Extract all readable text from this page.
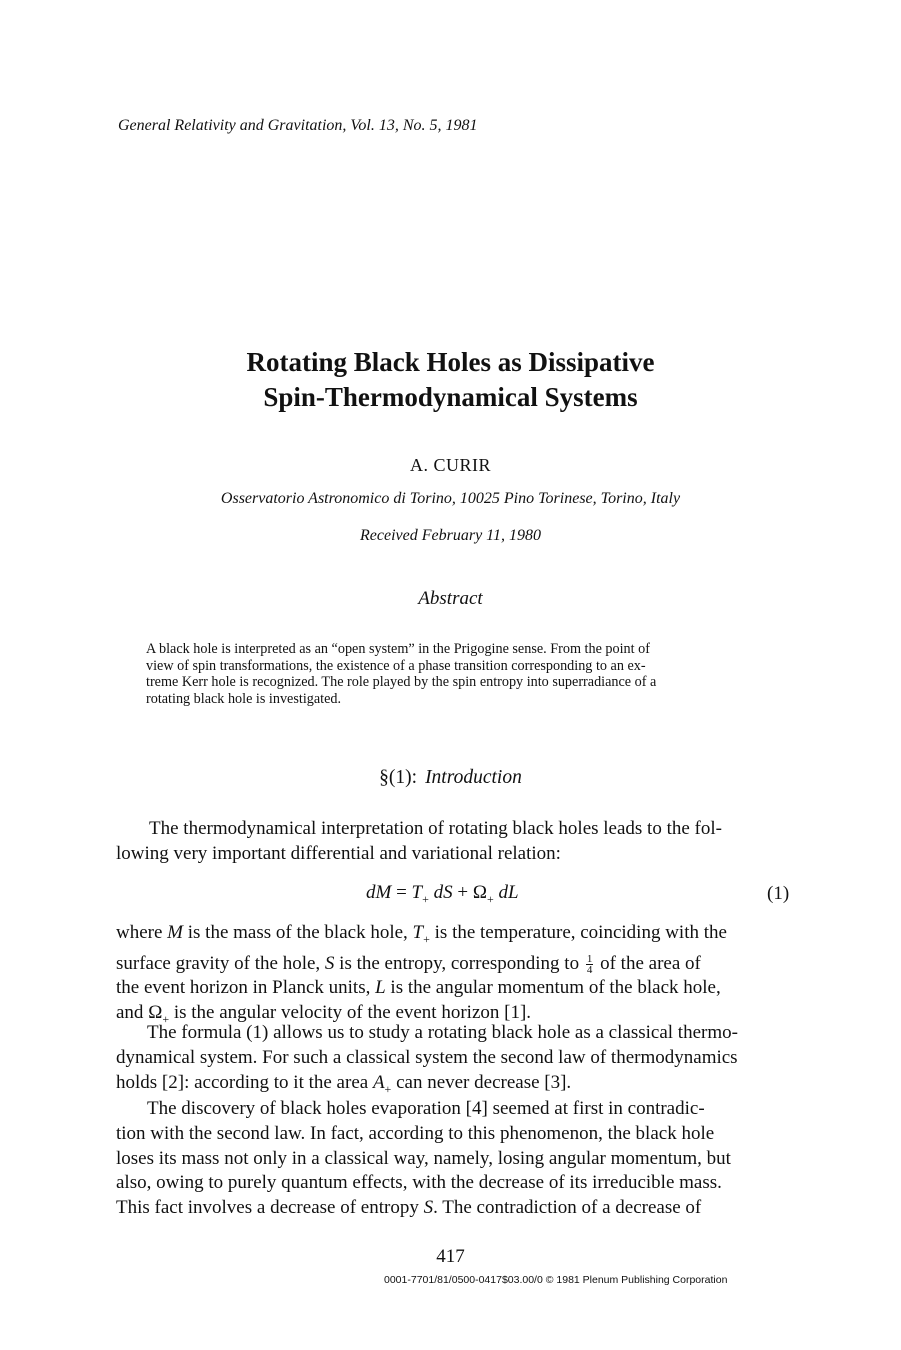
General Relativity and Gravitation, Vol. 13, No. 5, 1981
Rotating Black Holes as Dissipative
Spin-Thermodynamical Systems
A. CURIR
Osservatorio Astronomico di Torino, 10025 Pino Torinese, Torino, Italy
Received February 11, 1980
Abstract
A black hole is interpreted as an “open system” in the Prigogine sense. From the point of
view of spin transformations, the existence of a phase transition corresponding to an ex-
treme Kerr hole is recognized. The role played by the spin entropy into superradiance of a
rotating black hole is investigated.
§(1): Introduction
The thermodynamical interpretation of rotating black holes leads to the fol-
lowing very important differential and variational relation:
dM = $T_+$ dS + $\Omega_+$ dL	(1)
where M is the mass of the black hole, $T_+$ is the temperature, coinciding with the
surface gravity of the hole, S is the entropy, corresponding to $\frac{1}{4}$ of the area of
the event horizon in Planck units, L is the angular momentum of the black hole,
and $\Omega_+$ is the angular velocity of the event horizon [1].
The formula (1) allows us to study a rotating black hole as a classical thermo-
dynamical system. For such a classical system the second law of thermodynamics
holds [2]: according to it the area $A_+$ can never decrease [3].
The discovery of black holes evaporation [4] seemed at first in contradic-
tion with the second law. In fact, according to this phenomenon, the black hole
loses its mass not only in a classical way, namely, losing angular momentum, but
also, owing to purely quantum effects, with the decrease of its irreducible mass.
This fact involves a decrease of entropy S. The contradiction of a decrease of
417
0001-7701/81/0500-0417$03.00/0 © 1981 Plenum Publishing Corporation
